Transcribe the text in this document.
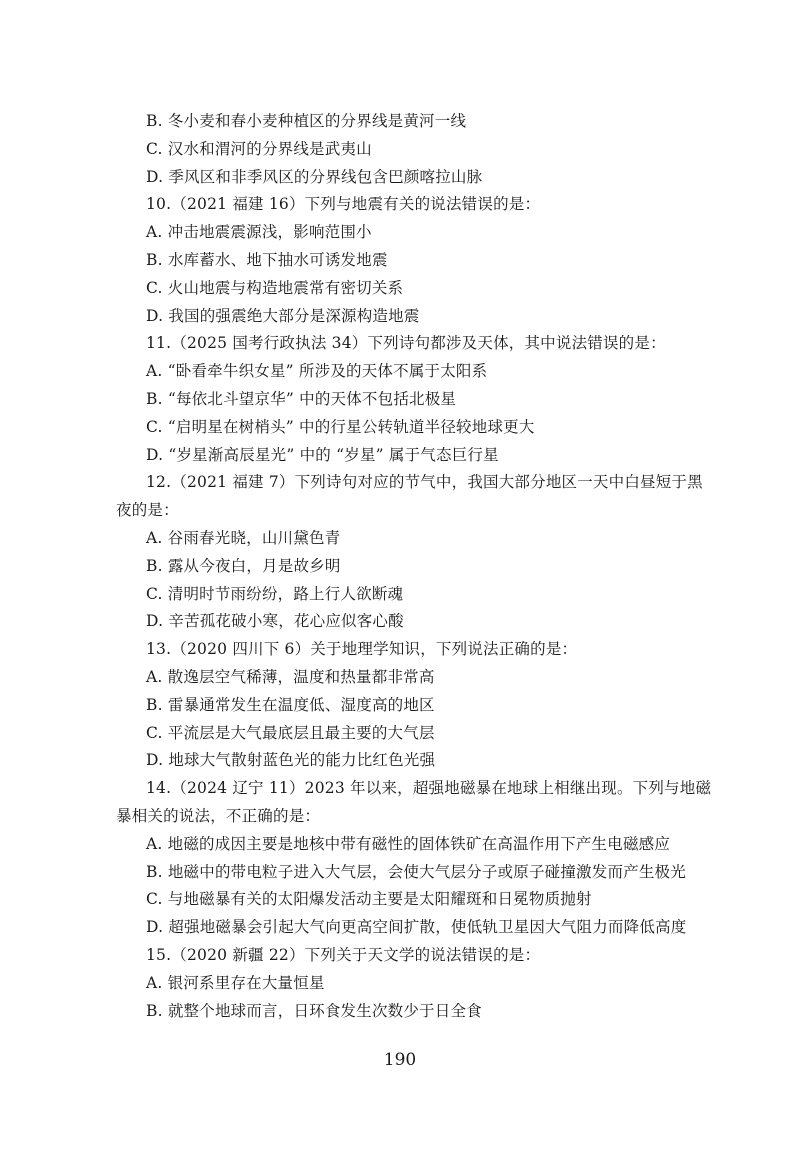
B. 冬小麦和春小麦种植区的分界线是黄河一线
C. 汉水和渭河的分界线是武夷山
D. 季风区和非季风区的分界线包含巴颜喀拉山脉
10.（2021 福建 16）下列与地震有关的说法错误的是：
A. 冲击地震震源浅，影响范围小
B. 水库蓄水、地下抽水可诱发地震
C. 火山地震与构造地震常有密切关系
D. 我国的强震绝大部分是深源构造地震
11.（2025 国考行政执法 34）下列诗句都涉及天体，其中说法错误的是：
A. “卧看牵牛织女星” 所涉及的天体不属于太阳系
B. “每依北斗望京华” 中的天体不包括北极星
C. “启明星在树梢头” 中的行星公转轨道半径较地球更大
D. “岁星渐高辰星光” 中的 “岁星” 属于气态巨行星
12.（2021 福建 7）下列诗句对应的节气中，我国大部分地区一天中白昼短于黑
夜的是：
A. 谷雨春光晓，山川黛色青
B. 露从今夜白，月是故乡明
C. 清明时节雨纷纷，路上行人欲断魂
D. 辛苦孤花破小寒，花心应似客心酸
13.（2020 四川下 6）关于地理学知识，下列说法正确的是：
A. 散逸层空气稀薄，温度和热量都非常高
B. 雷暴通常发生在温度低、湿度高的地区
C. 平流层是大气最底层且最主要的大气层
D. 地球大气散射蓝色光的能力比红色光强
14.（2024 辽宁 11）2023 年以来，超强地磁暴在地球上相继出现。下列与地磁
暴相关的说法，不正确的是：
A. 地磁的成因主要是地核中带有磁性的固体铁矿在高温作用下产生电磁感应
B. 地磁中的带电粒子进入大气层，会使大气层分子或原子碰撞激发而产生极光
C. 与地磁暴有关的太阳爆发活动主要是太阳耀斑和日冕物质抛射
D. 超强地磁暴会引起大气向更高空间扩散，使低轨卫星因大气阻力而降低高度
15.（2020 新疆 22）下列关于天文学的说法错误的是：
A. 银河系里存在大量恒星
B. 就整个地球而言，日环食发生次数少于日全食
190
